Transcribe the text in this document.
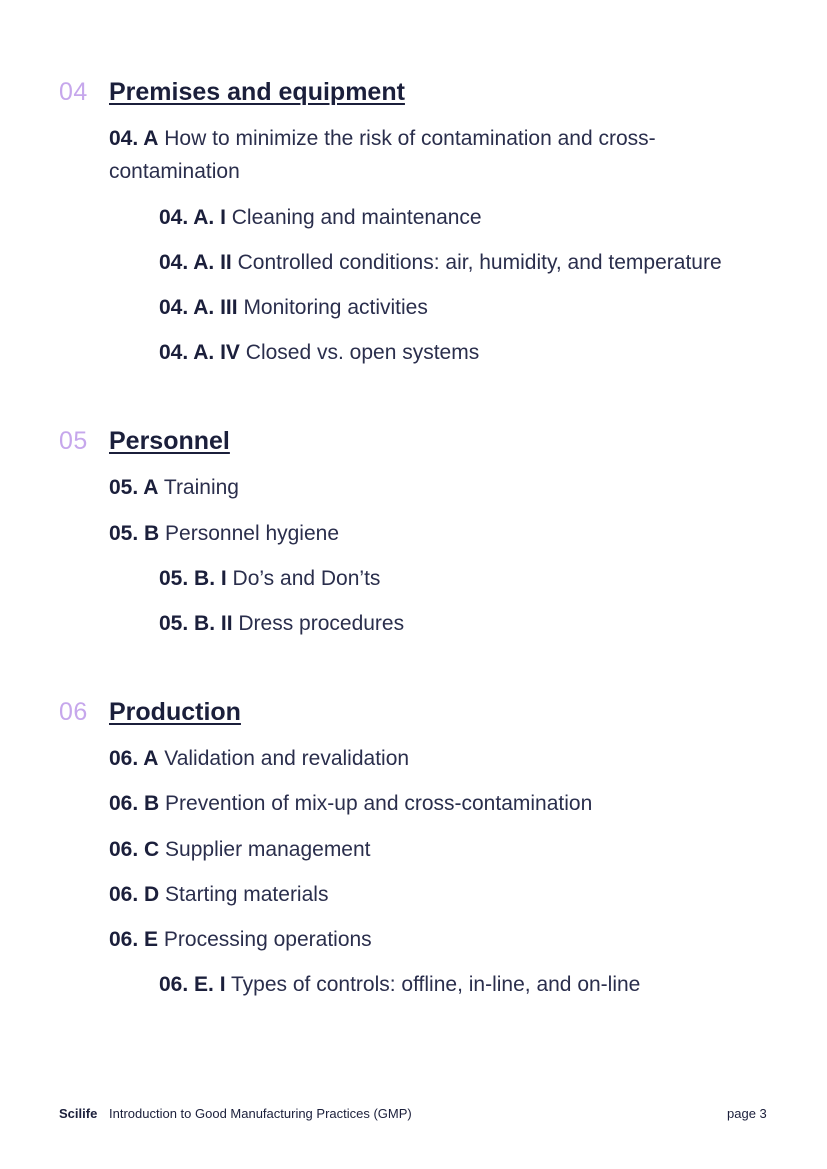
04 Premises and equipment
04. A How to minimize the risk of contamination and cross-contamination
04. A. I Cleaning and maintenance
04. A. II Controlled conditions: air, humidity, and temperature
04. A. III Monitoring activities
04. A. IV Closed vs. open systems
05 Personnel
05. A Training
05. B Personnel hygiene
05. B. I Do’s and Don’ts
05. B. II Dress procedures
06 Production
06. A Validation and revalidation
06. B Prevention of mix-up and cross-contamination
06. C Supplier management
06. D Starting materials
06. E Processing operations
06. E. I Types of controls: offline, in-line, and on-line
Scilife Introduction to Good Manufacturing Practices (GMP)	page 3
